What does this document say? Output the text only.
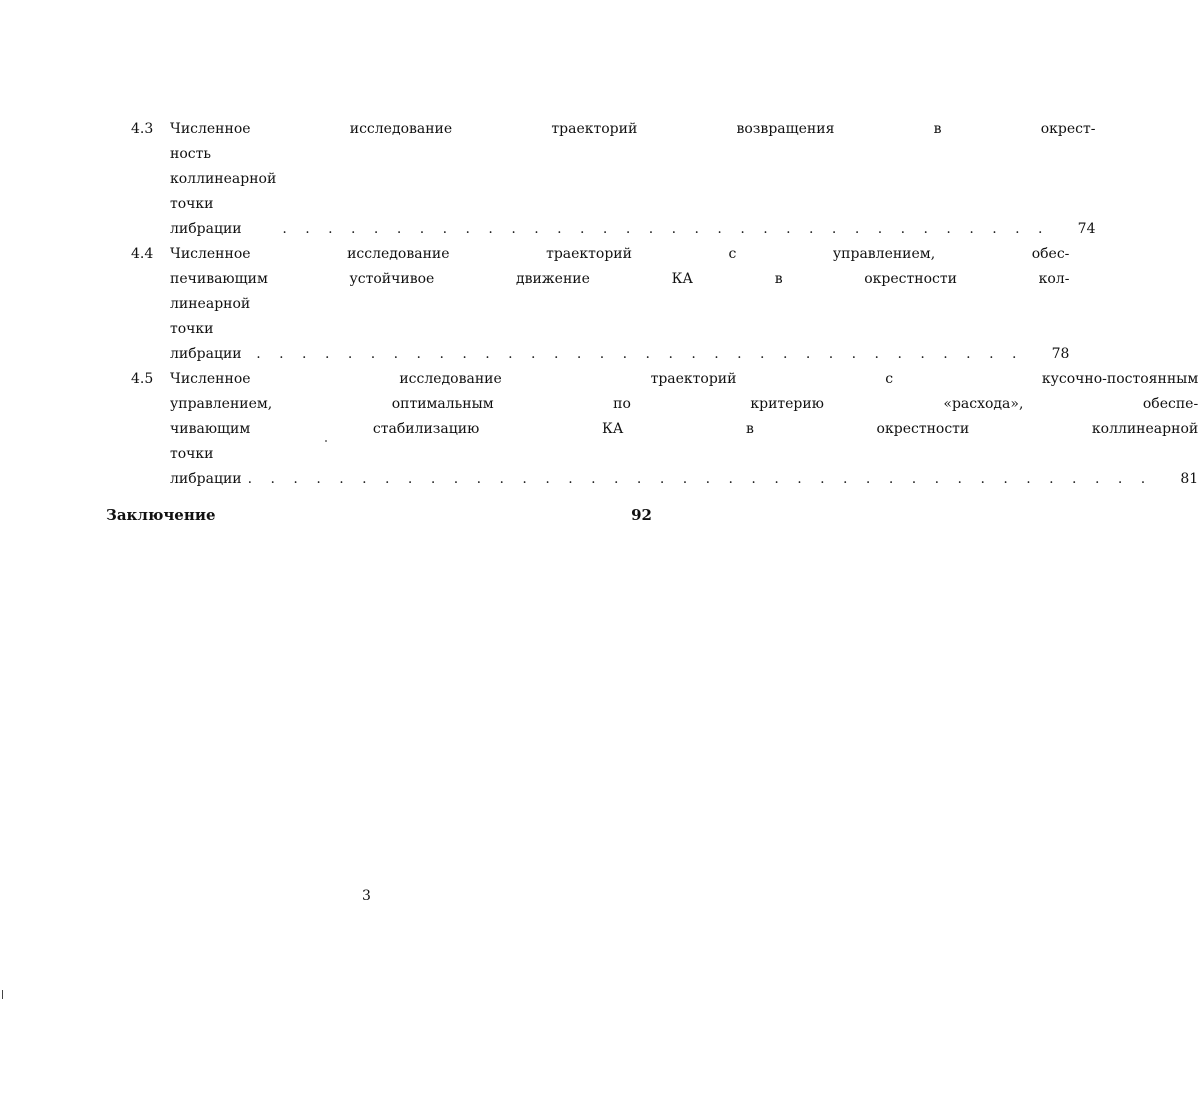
4.3	Численное исследование траекторий возвращения в окрест-
ность коллинеарной точки либрации	. . . . . . . . . . . . . . . . . . . . . . . . . . . . . . . . . .	74
4.4	Численное исследование траекторий с управлением, обес-
печивающим устойчивое движение КА в окрестности кол-
линеарной точки либрации	. . . . . . . . . . . . . . . . . . . . . . . . . . . . . . . . . .	78
4.5	Численное исследование траекторий с кусочно-постоянным
управлением, оптимальным по критерию «расхода», обеспе-
чивающим стабилизацию КА в окрестности коллинеарной
точки либрации . . . . . . . . . . . . . . . . . . . . . . . . . . . . . . . . . . . . . . . .	81
Заключение	92
3
